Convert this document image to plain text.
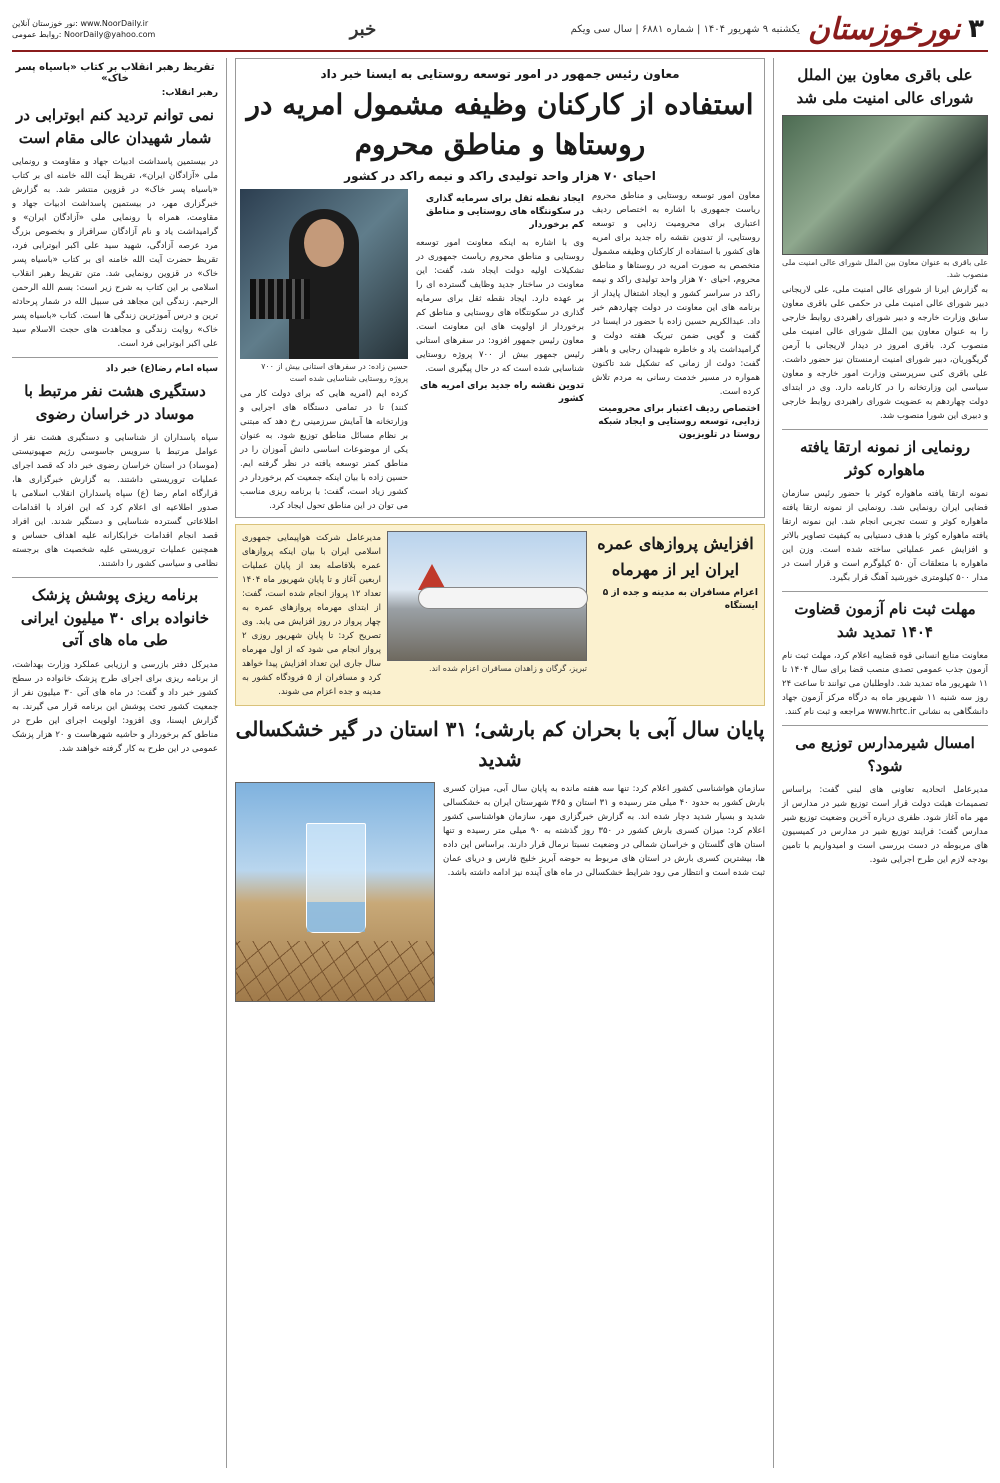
۳
نورخوزستان
یکشنبه ۹ شهریور ۱۴۰۴ | شماره ۶۸۸۱ | سال سی ویکم
خبر
نور خوزستان آنلاین: www.NoorDaily.ir
روابط عمومی: NoorDaily@yahoo.com
علی باقری معاون بین الملل شورای عالی امنیت ملی شد
علی باقری به عنوان معاون بین الملل شورای عالی امنیت ملی منصوب شد.
به گزارش ایرنا از شورای عالی امنیت ملی، علی لاریجانی دبیر شورای عالی امنیت ملی در حکمی علی باقری معاون سابق وزارت خارجه و دبیر شورای راهبردی روابط خارجی را به عنوان معاون بین الملل شورای عالی امنیت ملی منصوب کرد. باقری امروز در دیدار لاریجانی با آرمن گریگوریان، دبیر شورای امنیت ارمنستان نیز حضور داشت. علی باقری کنی سرپرستی وزارت امور خارجه و معاون سیاسی این وزارتخانه را در کارنامه دارد. وی در ابتدای دولت چهاردهم به عضویت شورای راهبردی روابط خارجی و دبیری این شورا منصوب شد.
رونمایی از نمونه ارتقا یافته ماهواره کوثر
نمونه ارتقا یافته ماهواره کوثر با حضور رئیس سازمان فضایی ایران رونمایی شد. رونمایی از نمونه ارتقا یافته ماهواره کوثر و تست تجربی انجام شد. این نمونه ارتقا یافته ماهواره کوثر با هدف دستیابی به کیفیت تصاویر بالاتر و افزایش عمر عملیاتی ساخته شده است. وزن این ماهواره با متعلقات آن ۵۰ کیلوگرم است و قرار است در مدار ۵۰۰ کیلومتری خورشید آهنگ قرار بگیرد.
مهلت ثبت نام آزمون قضاوت ۱۴۰۴ تمدید شد
معاونت منابع انسانی قوه قضاییه اعلام کرد، مهلت ثبت نام آزمون جذب عمومی تصدی منصب قضا برای سال ۱۴۰۴ تا ۱۱ شهریور ماه تمدید شد. داوطلبان می توانند تا ساعت ۲۴ روز سه شنبه ۱۱ شهریور ماه به درگاه مرکز آزمون جهاد دانشگاهی به نشانی www.hrtc.ir مراجعه و ثبت نام کنند.
امسال شیرمدارس توزیع می شود؟
مدیرعامل اتحادیه تعاونی های لبنی گفت: براساس تصمیمات هیئت دولت قرار است توزیع شیر در مدارس از مهر ماه آغاز شود. ظفری درباره آخرین وضعیت توزیع شیر مدارس گفت: فرایند توزیع شیر در مدارس در کمیسیون های مربوطه در دست بررسی است و امیدواریم با تامین بودجه لازم این طرح اجرایی شود.
معاون رئیس جمهور در امور توسعه روستایی به ایسنا خبر داد
استفاده از کارکنان وظیفه مشمول امریه در روستاها و مناطق محروم
احیای ۷۰ هزار واحد تولیدی راکد و نیمه راکد در کشور
معاون امور توسعه روستایی و مناطق محروم ریاست جمهوری با اشاره به اختصاص ردیف اعتباری برای محرومیت زدایی و توسعه روستایی، از تدوین نقشه راه جدید برای امریه های کشور با استفاده از کارکنان وظیفه مشمول متخصص به صورت امریه در روستاها و مناطق محروم، احیای ۷۰ هزار واحد تولیدی راکد و نیمه راکد در سراسر کشور و ایجاد اشتغال پایدار از برنامه های این معاونت در دولت چهاردهم خبر داد. عبدالکریم حسین زاده با حضور در ایسنا در گفت و گویی ضمن تبریک هفته دولت و گرامیداشت یاد و خاطره شهیدان رجایی و باهنر گفت: دولت از زمانی که تشکیل شد تاکنون همواره در مسیر خدمت رسانی به مردم تلاش کرده است.
اختصاص ردیف اعتبار برای محرومیت زدایی، توسعه روستایی و ایجاد شبکه روستا در تلویزیون
ایجاد نقطه ثقل برای سرمایه گذاری در سکونتگاه های روستایی و مناطق کم برخوردار
وی با اشاره به اینکه معاونت امور توسعه روستایی و مناطق محروم ریاست جمهوری در تشکیلات اولیه دولت ایجاد شد، گفت: این معاونت در ساختار جدید وظایف گسترده ای را بر عهده دارد. ایجاد نقطه ثقل برای سرمایه گذاری در سکونتگاه های روستایی و مناطق کم برخوردار از اولویت های این معاونت است. معاون رئیس جمهور افزود: در سفرهای استانی رئیس جمهور بیش از ۷۰۰ پروژه روستایی شناسایی شده است که در حال پیگیری است.
تدوین نقشه راه جدید برای امریه های کشور
حسین زاده: در سفرهای استانی بیش از ۷۰۰ پروژه روستایی شناسایی شده است
کرده ایم (امریه هایی که برای دولت کار می کنند) تا در تمامی دستگاه های اجرایی و وزارتخانه ها آمایش سرزمینی رخ دهد که مبتنی بر نظام مسائل مناطق توزیع شود. به عنوان یکی از موضوعات اساسی دانش آموزان را در مناطق کمتر توسعه یافته در نظر گرفته ایم. حسین زاده با بیان اینکه جمعیت کم برخوردار در کشور زیاد است، گفت: با برنامه ریزی مناسب می توان در این مناطق تحول ایجاد کرد.
افزایش پروازهای عمره ایران ایر از مهرماه
اعزام مسافران به مدینه و جده از ۵ ایستگاه
تبریز، گرگان و زاهدان مسافران اعزام شده اند.
مدیرعامل شرکت هواپیمایی جمهوری اسلامی ایران با بیان اینکه پروازهای عمره بلافاصله بعد از پایان عملیات اربعین آغاز و تا پایان شهریور ماه ۱۴۰۴ تعداد ۱۲ پرواز انجام شده است، گفت: از ابتدای مهرماه پروازهای عمره به چهار پرواز در روز افزایش می یابد. وی تصریح کرد: تا پایان شهریور روزی ۲ پرواز انجام می شود که از اول مهرماه سال جاری این تعداد افزایش پیدا خواهد کرد و مسافران از ۵ فرودگاه کشور به مدینه و جده اعزام می شوند.
پایان سال آبی با بحران کم بارشی؛ ۳۱ استان در گیر خشکسالی شدید
سازمان هواشناسی کشور اعلام کرد: تنها سه هفته مانده به پایان سال آبی، میزان کسری بارش کشور به حدود ۴۰ میلی متر رسیده و ۳۱ استان و ۳۶۵ شهرستان ایران به خشکسالی شدید و بسیار شدید دچار شده اند. به گزارش خبرگزاری مهر، سازمان هواشناسی کشور اعلام کرد: میزان کسری بارش کشور در ۳۵۰ روز گذشته به ۹۰ میلی متر رسیده و تنها استان های گلستان و خراسان شمالی در وضعیت نسبتا نرمال قرار دارند. براساس این داده ها، بیشترین کسری بارش در استان های مربوط به حوضه آبریز خلیج فارس و دریای عمان ثبت شده است و انتظار می رود شرایط خشکسالی در ماه های آینده نیز ادامه داشته باشد.
تقریظ رهبر انقلاب بر کتاب «باسیاه پسر خاک»
رهبر انقلاب:
نمی توانم تردید کنم ابوترابی در شمار شهیدان عالی مقام است
در بیستمین پاسداشت ادبیات جهاد و مقاومت و رونمایی ملی «آزادگان ایران»، تقریظ آیت الله خامنه ای بر کتاب «باسیاه پسر خاک» در قزوین منتشر شد. به گزارش خبرگزاری مهر، در بیستمین پاسداشت ادبیات جهاد و مقاومت، همراه با رونمایی ملی «آزادگان ایران» و گرامیداشت یاد و نام آزادگان سرافراز و بخصوص بزرگ مرد عرصه آزادگی، شهید سید علی اکبر ابوترابی فرد، تقریظ حضرت آیت الله خامنه ای بر کتاب «باسیاه پسر خاک» در قزوین رونمایی شد. متن تقریظ رهبر انقلاب اسلامی بر این کتاب به شرح زیر است: بسم الله الرحمن الرحیم. زندگی این مجاهد فی سبیل الله در شمار پرحادثه ترین و درس آموزترین زندگی ها است. کتاب «باسیاه پسر خاک» روایت زندگی و مجاهدت های حجت الاسلام سید علی اکبر ابوترابی فرد است.
سپاه امام رضا(ع) خبر داد
دستگیری هشت نفر مرتبط با موساد در خراسان رضوی
سپاه پاسداران از شناسایی و دستگیری هشت نفر از عوامل مرتبط با سرویس جاسوسی رژیم صهیونیستی (موساد) در استان خراسان رضوی خبر داد که قصد اجرای عملیات تروریستی داشتند. به گزارش خبرگزاری ها، قرارگاه امام رضا (ع) سپاه پاسداران انقلاب اسلامی با صدور اطلاعیه ای اعلام کرد که این افراد با اقدامات اطلاعاتی گسترده شناسایی و دستگیر شدند. این افراد قصد انجام اقدامات خرابکارانه علیه اهداف حساس و همچنین عملیات تروریستی علیه شخصیت های برجسته نظامی و سیاسی کشور را داشتند.
برنامه ریزی پوشش پزشک خانواده برای ۳۰ میلیون ایرانی طی ماه های آتی
مدیرکل دفتر بازرسی و ارزیابی عملکرد وزارت بهداشت، از برنامه ریزی برای اجرای طرح پزشک خانواده در سطح کشور خبر داد و گفت: در ماه های آتی ۳۰ میلیون نفر از جمعیت کشور تحت پوشش این برنامه قرار می گیرند. به گزارش ایسنا، وی افزود: اولویت اجرای این طرح در مناطق کم برخوردار و حاشیه شهرهاست و ۲۰ هزار پزشک عمومی در این طرح به کار گرفته خواهند شد.
